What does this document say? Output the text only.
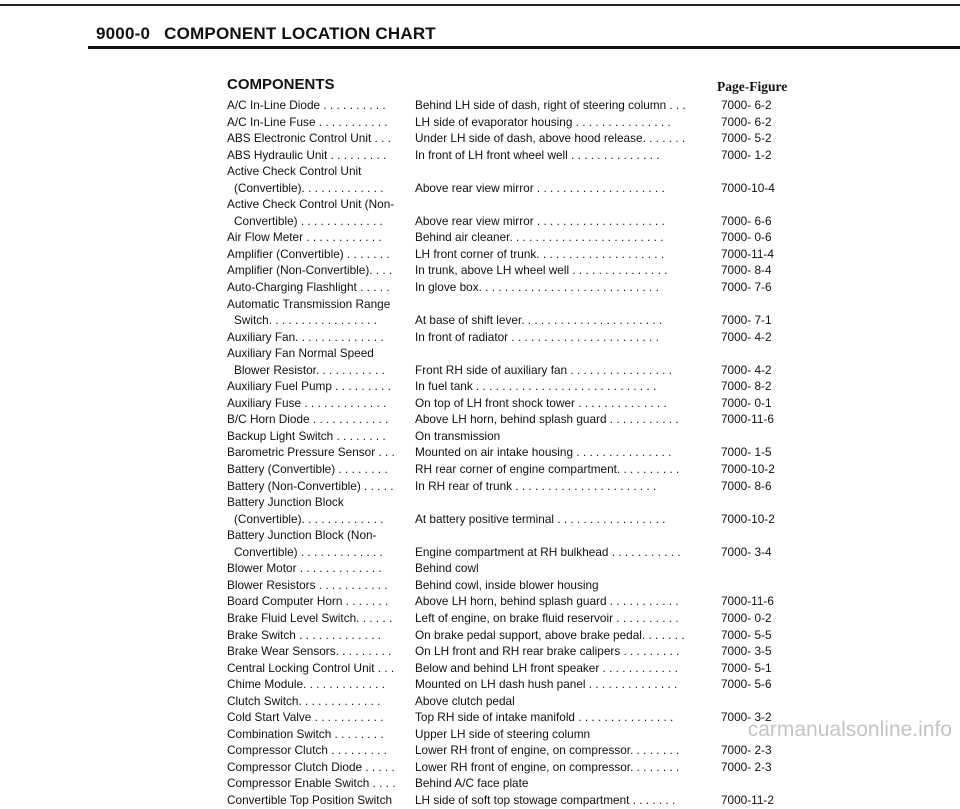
9000-0 COMPONENT LOCATION CHART
COMPONENTS	Page-Figure
A/C In-Line Diode . . . . . . . . . .	Behind LH side of dash, right of steering column . . .	7000- 6-2
A/C In-Line Fuse . . . . . . . . . . .	LH side of evaporator housing . . . . . . . . . . . . . . .	7000- 6-2
ABS Electronic Control Unit . . .	Under LH side of dash, above hood release. . . . . . .	7000- 5-2
ABS Hydraulic Unit . . . . . . . . .	In front of LH front wheel well . . . . . . . . . . . . . .	7000- 1-2
Active Check Control Unit
(Convertible). . . . . . . . . . . . .	Above rear view mirror . . . . . . . . . . . . . . . . . . . .	7000-10-4
Active Check Control Unit (Non-
Convertible) . . . . . . . . . . . . .	Above rear view mirror . . . . . . . . . . . . . . . . . . . .	7000- 6-6
Air Flow Meter . . . . . . . . . . . .	Behind air cleaner. . . . . . . . . . . . . . . . . . . . . . . .	7000- 0-6
Amplifier (Convertible) . . . . . . .	LH front corner of trunk. . . . . . . . . . . . . . . . . . . .	7000-11-4
Amplifier (Non-Convertible). . . .	In trunk, above LH wheel well . . . . . . . . . . . . . . .	7000- 8-4
Auto-Charging Flashlight . . . . .	In glove box. . . . . . . . . . . . . . . . . . . . . . . . . . . .	7000- 7-6
Automatic Transmission Range
Switch. . . . . . . . . . . . . . . . .	At base of shift lever. . . . . . . . . . . . . . . . . . . . . .	7000- 7-1
Auxiliary Fan. . . . . . . . . . . . . .	In front of radiator . . . . . . . . . . . . . . . . . . . . . . .	7000- 4-2
Auxiliary Fan Normal Speed
Blower Resistor. . . . . . . . . . .	Front RH side of auxiliary fan . . . . . . . . . . . . . . . .	7000- 4-2
Auxiliary Fuel Pump . . . . . . . . .	In fuel tank . . . . . . . . . . . . . . . . . . . . . . . . . . . .	7000- 8-2
Auxiliary Fuse . . . . . . . . . . . . .	On top of LH front shock tower . . . . . . . . . . . . . .	7000- 0-1
B/C Horn Diode . . . . . . . . . . . .	Above LH horn, behind splash guard . . . . . . . . . . .	7000-11-6
Backup Light Switch . . . . . . . .	On transmission
Barometric Pressure Sensor . . .	Mounted on air intake housing . . . . . . . . . . . . . . .	7000- 1-5
Battery (Convertible) . . . . . . . .	RH rear corner of engine compartment. . . . . . . . . .	7000-10-2
Battery (Non-Convertible) . . . . .	In RH rear of trunk . . . . . . . . . . . . . . . . . . . . . .	7000- 8-6
Battery Junction Block
(Convertible). . . . . . . . . . . . .	At battery positive terminal . . . . . . . . . . . . . . . . .	7000-10-2
Battery Junction Block (Non-
Convertible) . . . . . . . . . . . . .	Engine compartment at RH bulkhead . . . . . . . . . . .	7000- 3-4
Blower Motor . . . . . . . . . . . . .	Behind cowl
Blower Resistors . . . . . . . . . . .	Behind cowl, inside blower housing
Board Computer Horn . . . . . . .	Above LH horn, behind splash guard . . . . . . . . . . .	7000-11-6
Brake Fluid Level Switch. . . . . .	Left of engine, on brake fluid reservoir . . . . . . . . . .	7000- 0-2
Brake Switch . . . . . . . . . . . . .	On brake pedal support, above brake pedal. . . . . . .	7000- 5-5
Brake Wear Sensors. . . . . . . . .	On LH front and RH rear brake calipers . . . . . . . . .	7000- 3-5
Central Locking Control Unit . . .	Below and behind LH front speaker . . . . . . . . . . . .	7000- 5-1
Chime Module. . . . . . . . . . . . .	Mounted on LH dash hush panel . . . . . . . . . . . . . .	7000- 5-6
Clutch Switch. . . . . . . . . . . . .	Above clutch pedal
Cold Start Valve . . . . . . . . . . .	Top RH side of intake manifold . . . . . . . . . . . . . . .	7000- 3-2
Combination Switch . . . . . . . .	Upper LH side of steering column
Compressor Clutch . . . . . . . . .	Lower RH front of engine, on compressor. . . . . . . .	7000- 2-3
Compressor Clutch Diode . . . . .	Lower RH front of engine, on compressor. . . . . . . .	7000- 2-3
Compressor Enable Switch . . . .	Behind A/C face plate
Convertible Top Position Switch	LH side of soft top stowage compartment . . . . . . .	7000-11-2
carmanualsonline.info
